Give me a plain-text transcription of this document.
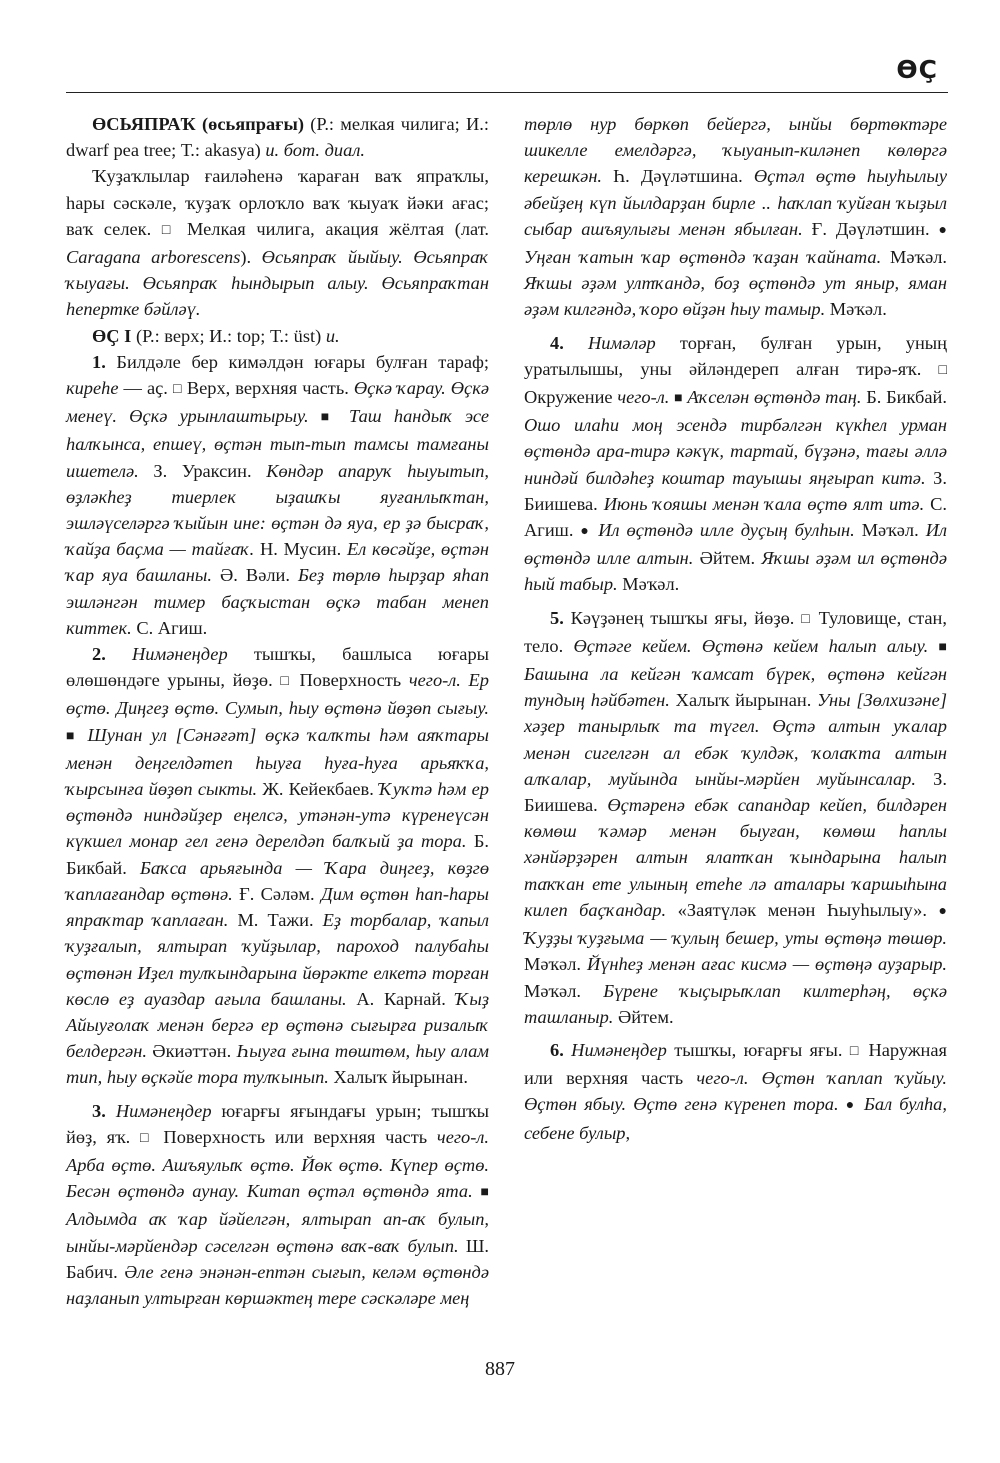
ӨҪ

ӨСЬЯПРАҠ (өсьяпрағы) (Р.: мелкая чилига; И.: dwarf pea tree; Т.: akasya) и. бот. диал.

Ҡуҙаҡлылар ғаиләһенә ҡараған ваҡ япраҡлы, һары сәскәле, ҡуҙаҡ орлоҡло ваҡ ҡыуаҡ йәки ағас; ваҡ селек. □ Мелкая чилига, акация жёлтая (лат. Caragana arborescens). Өсьяпраҡ йыйыу. Өсьяпраҡ ҡыуағы. Өсьяпраҡ һындырып алыу. Өсьяпраҡтан һепертке бәйләү.

ӨҪ I (Р.: верх; И.: top; Т.: üst) и.

1. Билдәле бер кимәлдән юғары булған тараф; киреһе — аҫ. □ Верх, верхняя часть. Өҫкә ҡарау. Өҫкә менеү. Өҫкә урынлаштырыу. ■ Таш һандыҡ эсе һалҡынса, епшеү, өҫтән тып-тып тамсы тамғаны ишетелә. З. Ураксин. Көндәр апаруҡ һыуытып, өҙләкһеҙ тиерлек ыҙашҡы яуғанлыҡтан, эшләүселәргә ҡыйын ине: өҫтән дә яуа, ер ҙә бысраҡ, ҡайҙа баҫма — тайғаҡ. Н. Мусин. Ел көсәйҙе, өҫтән ҡар яуа башланы. Ә. Вәли. Беҙ төрлө һырҙар яһап эшләнгән тимер баҫҡыстан өҫкә табан менеп киттек. С. Агиш.

2. Нимәнеңдер тышҡы, башлыса юғары өлөшөндәге урыны, йөҙө. □ Поверхность чего-л. Ер өҫтө. Диңгеҙ өҫтө. Сумып, һыу өҫтөнә йөҙөп сығыу. ■ Шунан ул [Сәнәғәт] өҫкә ҡалҡты һәм аяҡтары менән деңгелдәтеп һыуға һуға-һуға арьяҡҡа, ҡырсынға йөҙөп сыкты. Ж. Кейекбаев. Ҡуҡтә һәм ер өҫтөндә ниндәйҙер еңелсә, утәнән-утә күренеүсән күкшел монар гел генә дерелдәп балҡый ҙа тора. Б. Бикбай. Баҡса арьяғында — Ҡара диңгеҙ, көҙгө ҡаплағандар өҫтөнә. Ғ. Сәләм. Дим өҫтөн һап-һары япраҡтар ҡаплаған. М. Тажи. Еҙ торбалар, ҡапыл ҡуҙғалып, ялтырап ҡуйҙылар, пароход палубаһы өҫтөнән Иҙел тулҡындарына йөрәкте елкетә торған көслө еҙ ауаздар ағыла башланы. А. Карнай. Ҡыҙ Айыуғолаҡ менән бергә ер өҫтөнә сығырға ризалыҡ белдергән. Әкиәттән. Һыуға ғына төштөм, һыу алам тип, һыу өҫкәйе тора тулҡынып. Халыҡ йырынан.

3. Нимәнеңдер юғарғы яғындағы урын; тышҡы йөҙ, яҡ. □ Поверхность или верхняя часть чего-л. Арба өҫтө. Ашъяулыҡ өҫтө. Йөк өҫтө. Күпер өҫтө. Бесән өҫтөндә аунау. Китап өҫтәл өҫтөндә ята. ■ Алдымда аҡ ҡар йәйелгән, ялтырап ап-аҡ булып, ынйы-мәрйендәр сәселгән өҫтөнә ваҡ-ваҡ булып. Ш. Бабич. Әле генә энәнән-ептән сығып, келәм өҫтөндә наҙланып ултырған көршәктең тере сәскәләре мең

төрлө нур бөркөп бейергә, ынйы бөртөктәре шикелле емелдәргә, ҡыуанып-киләнеп көлөргә керешкән. Һ. Дәүләтшина. Өҫтәл өҫтө һыуһылыу әбейҙең күп йылдарҙан бирле .. һаҡлап ҡуйған ҡыҙыл сыбар ашъяулығы менән ябылған. Ғ. Дәүләтшин. ● Уңған ҡатын ҡар өҫтөндә ҡаҙан ҡайната. Мәҡәл. Яҡшы әҙәм ултҡандә, боҙ өҫтөндә ут яныр, яман әҙәм килгәндә, ҡоро өйҙән һыу тамыр. Мәҡәл.

4. Нимәләр торған, булған урын, уның уратылышы, уны әйләндереп алған тирә-яҡ. □ Окружение чего-л. ■ Аҡселән өҫтөндә таң. Б. Бикбай. Ошо илаһи моң эсендә тирбәлгән күкһел урман өҫтөндә ара-тирә кәкүк, тартай, бүҙәнә, тағы әллә ниндәй билдәһеҙ коштар тауышы яңғырап китә. З. Биишева. Июнь ҡояшы менән ҡала өҫтө ялт итә. С. Агиш. ● Ил өҫтөндә илле дуҫың булһын. Мәҡәл. Ил өҫтөндә илле алтын. Әйтем. Яҡшы әҙәм ил өҫтөндә һый табыр. Мәҡәл.

5. Кәүҙәнең тышҡы яғы, йөҙө. □ Туловище, стан, тело. Өҫтәге кейем. Өҫтөнә кейем һалып алыу. ■ Башына ла кейгән ҡамсат бүрек, өҫтөнә кейгән тундың һәйбәтен. Халыҡ йырынан. Уны [Зөлхизәне] хәҙер танырлыҡ та түгел. Өҫтә алтын уҡалар менән сигелгән ал ебәк ҡулдәк, ҡолаҡта алтын алҡалар, муйында ынйы-мәрйен муйынсалар. З. Биишева. Өҫтәренә ебәк сапандар кейеп, билдәрен көмөш ҡәмәр менән быуған, көмөш һаплы хәнйәрҙәрен алтын ялатҡан ҡындарына һалып таҡҡан ете улының етеһе лә аталары ҡаршыһына килеп баҫҡандар. «Заятүләк менән Һыуһылыу». ● Ҡуҙҙы ҡуҙғыма — ҡулың бешер, уты өҫтөңә төшөр. Мәҡәл. Йүнһеҙ менән ағас кисмә — өҫтөңә ауҙарыр. Мәҡәл. Бүрене ҡыҫырыҡлап килтерһәң, өҫкә ташланыр. Әйтем.

6. Нимәнеңдер тышҡы, юғарғы яғы. □ Наружная или верхняя часть чего-л. Өҫтөн ҡаплап ҡуйыу. Өҫтөн ябыу. Өҫтө генә күренеп тора. ● Бал булһа, себене булыр,

887
